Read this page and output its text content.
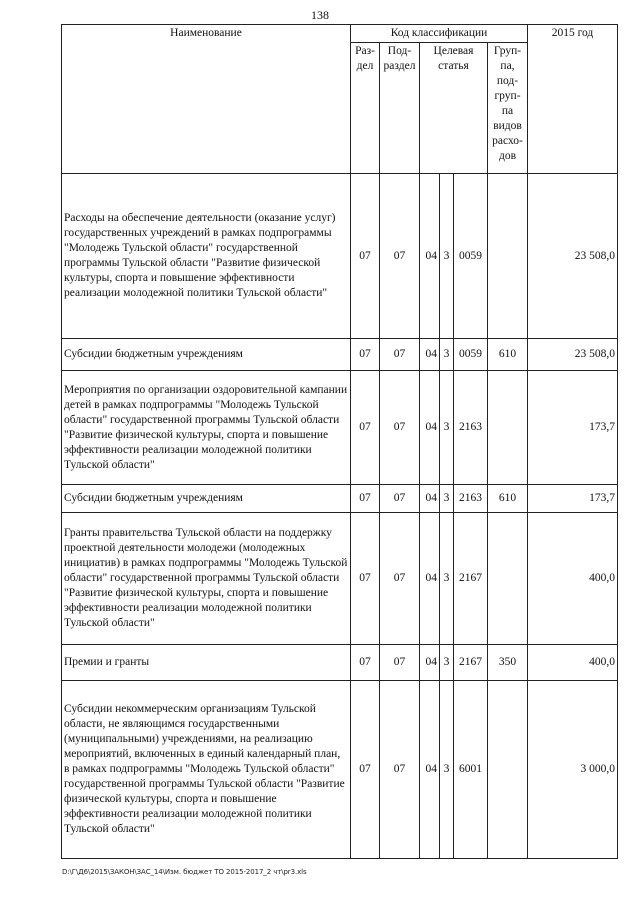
138
Наименование	Код классификации						2015 год
	Раз-дел	Под-раздел	Целевая статья			Груп-па, под-груп-па видов расхо-дов	
Расходы на обеспечение деятельности (оказание услуг) государственных учреждений в рамках подпрограммы "Молодежь Тульской области" государственной программы Тульской области "Развитие физической культуры, спорта и повышение эффективности реализации молодежной политики Тульской области"	07	07	04	3	0059		23 508,0
Субсидии бюджетным учреждениям	07	07	04	3	0059	610	23 508,0
Мероприятия по организации оздоровительной кампании детей в рамках подпрограммы "Молодежь Тульской области" государственной программы Тульской области "Развитие физической культуры, спорта и повышение эффективности реализации молодежной политики Тульской области"	07	07	04	3	2163		173,7
Субсидии бюджетным учреждениям	07	07	04	3	2163	610	173,7
Гранты правительства Тульской области на поддержку проектной деятельности молодежи (молодежных инициатив) в рамках подпрограммы "Молодежь Тульской области" государственной программы Тульской области "Развитие физической культуры, спорта и повышение эффективности реализации молодежной политики Тульской области"	07	07	04	3	2167		400,0
Премии и гранты	07	07	04	3	2167	350	400,0
Субсидии некоммерческим организациям Тульской области, не являющимся государственными (муниципальными) учреждениями, на реализацию мероприятий, включенных в единый календарный план, в рамках подпрограммы "Молодежь Тульской области" государственной программы Тульской области "Развитие физической культуры, спорта и повышение эффективности реализации молодежной политики Тульской области"	07	07	04	3	6001		3 000,0
D:\Г\Д6\2015\ЗАКОН\ЗАС_14\Изм. бюджет ТО 2015-2017_2 чт\pr3.xls
